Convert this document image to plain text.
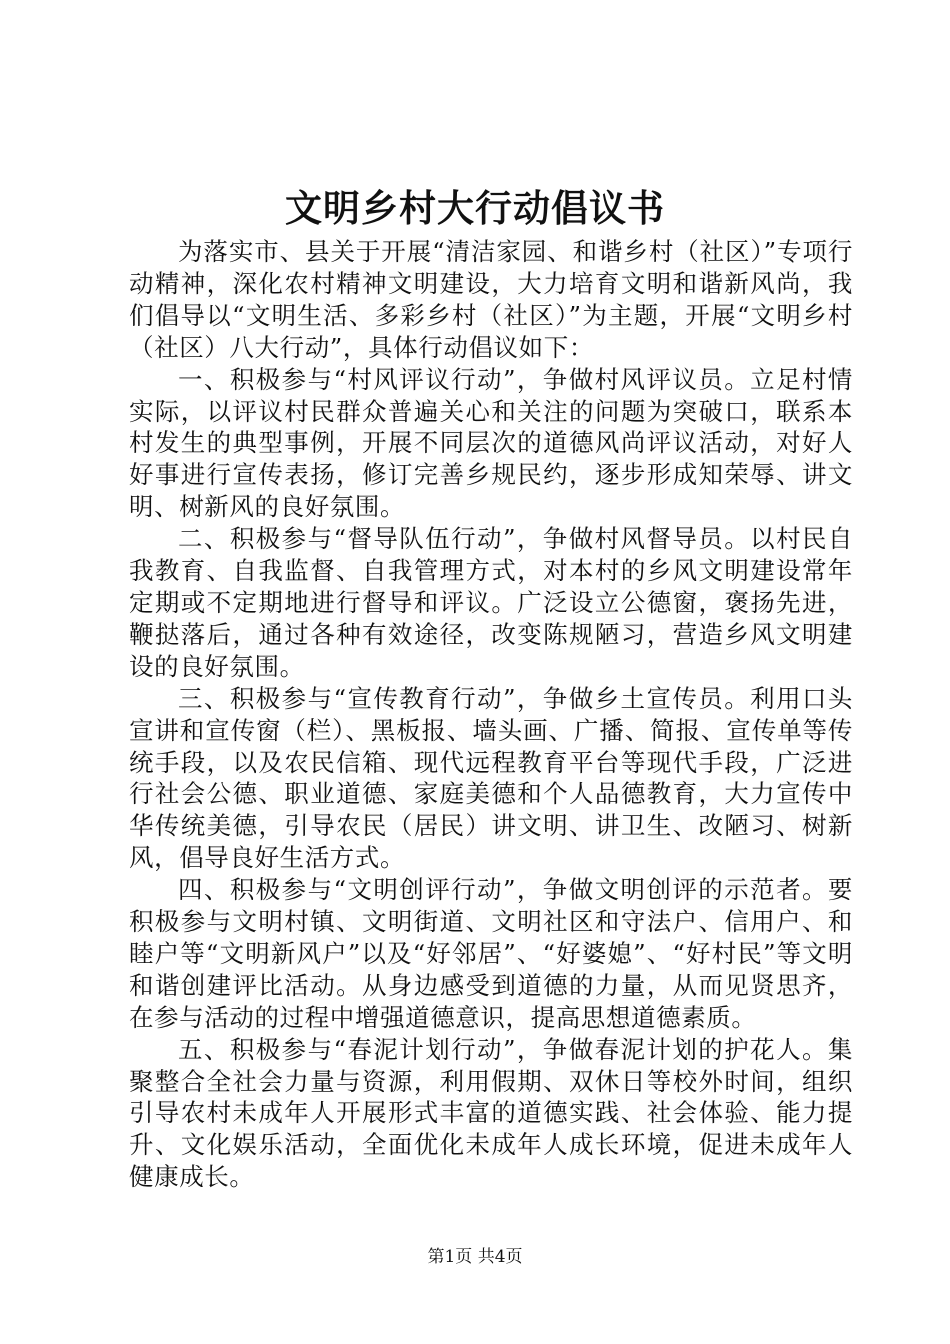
文明乡村大行动倡议书

为落实市、县关于开展“清洁家园、和谐乡村（社区）”专项行动精神，深化农村精神文明建设，大力培育文明和谐新风尚，我们倡导以“文明生活、多彩乡村（社区）”为主题，开展“文明乡村（社区）八大行动”，具体行动倡议如下：

一、积极参与“村风评议行动”，争做村风评议员。立足村情实际，以评议村民群众普遍关心和关注的问题为突破口，联系本村发生的典型事例，开展不同层次的道德风尚评议活动，对好人好事进行宣传表扬，修订完善乡规民约，逐步形成知荣辱、讲文明、树新风的良好氛围。

二、积极参与“督导队伍行动”，争做村风督导员。以村民自我教育、自我监督、自我管理方式，对本村的乡风文明建设常年定期或不定期地进行督导和评议。广泛设立公德窗，褒扬先进，鞭挞落后，通过各种有效途径，改变陈规陋习，营造乡风文明建设的良好氛围。

三、积极参与“宣传教育行动”，争做乡土宣传员。利用口头宣讲和宣传窗（栏）、黑板报、墙头画、广播、简报、宣传单等传统手段，以及农民信箱、现代远程教育平台等现代手段，广泛进行社会公德、职业道德、家庭美德和个人品德教育，大力宣传中华传统美德，引导农民（居民）讲文明、讲卫生、改陋习、树新风，倡导良好生活方式。

四、积极参与“文明创评行动”，争做文明创评的示范者。要积极参与文明村镇、文明街道、文明社区和守法户、信用户、和睦户等“文明新风户”以及“好邻居”、“好婆媳”、“好村民”等文明和谐创建评比活动。从身边感受到道德的力量，从而见贤思齐，在参与活动的过程中增强道德意识，提高思想道德素质。

五、积极参与“春泥计划行动”，争做春泥计划的护花人。集聚整合全社会力量与资源，利用假期、双休日等校外时间，组织引导农村未成年人开展形式丰富的道德实践、社会体验、能力提升、文化娱乐活动，全面优化未成年人成长环境，促进未成年人健康成长。

第1页 共4页
